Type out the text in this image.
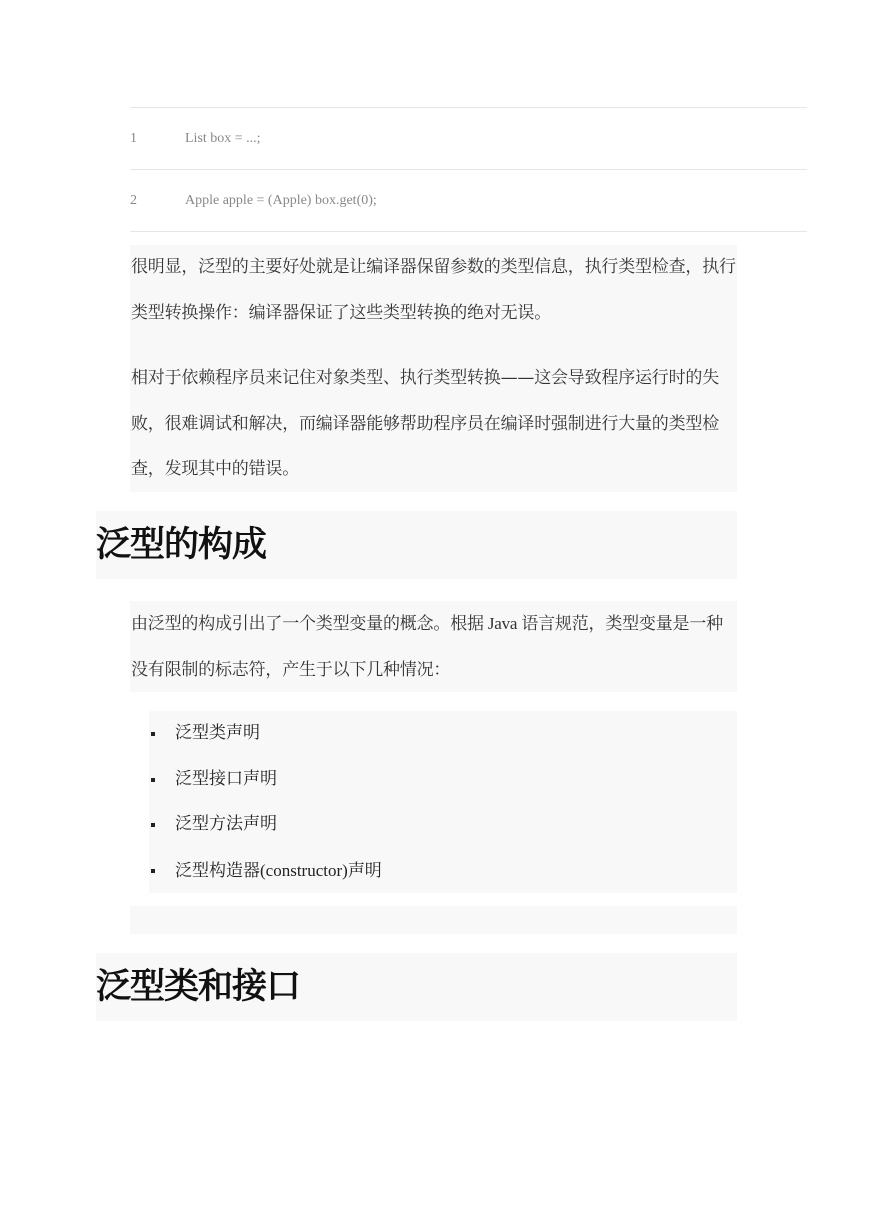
1	List box = ...;
2	Apple apple = (Apple) box.get(0);

很明显，泛型的主要好处就是让编译器保留参数的类型信息，执行类型检查，执行类型转换操作：编译器保证了这些类型转换的绝对无误。

相对于依赖程序员来记住对象类型、执行类型转换——这会导致程序运行时的失败，很难调试和解决，而编译器能够帮助程序员在编译时强制进行大量的类型检查，发现其中的错误。

泛型的构成

由泛型的构成引出了一个类型变量的概念。根据 Java 语言规范，类型变量是一种没有限制的标志符，产生于以下几种情况：

泛型类声明
泛型接口声明
泛型方法声明
泛型构造器(constructor)声明
泛型类和接口
